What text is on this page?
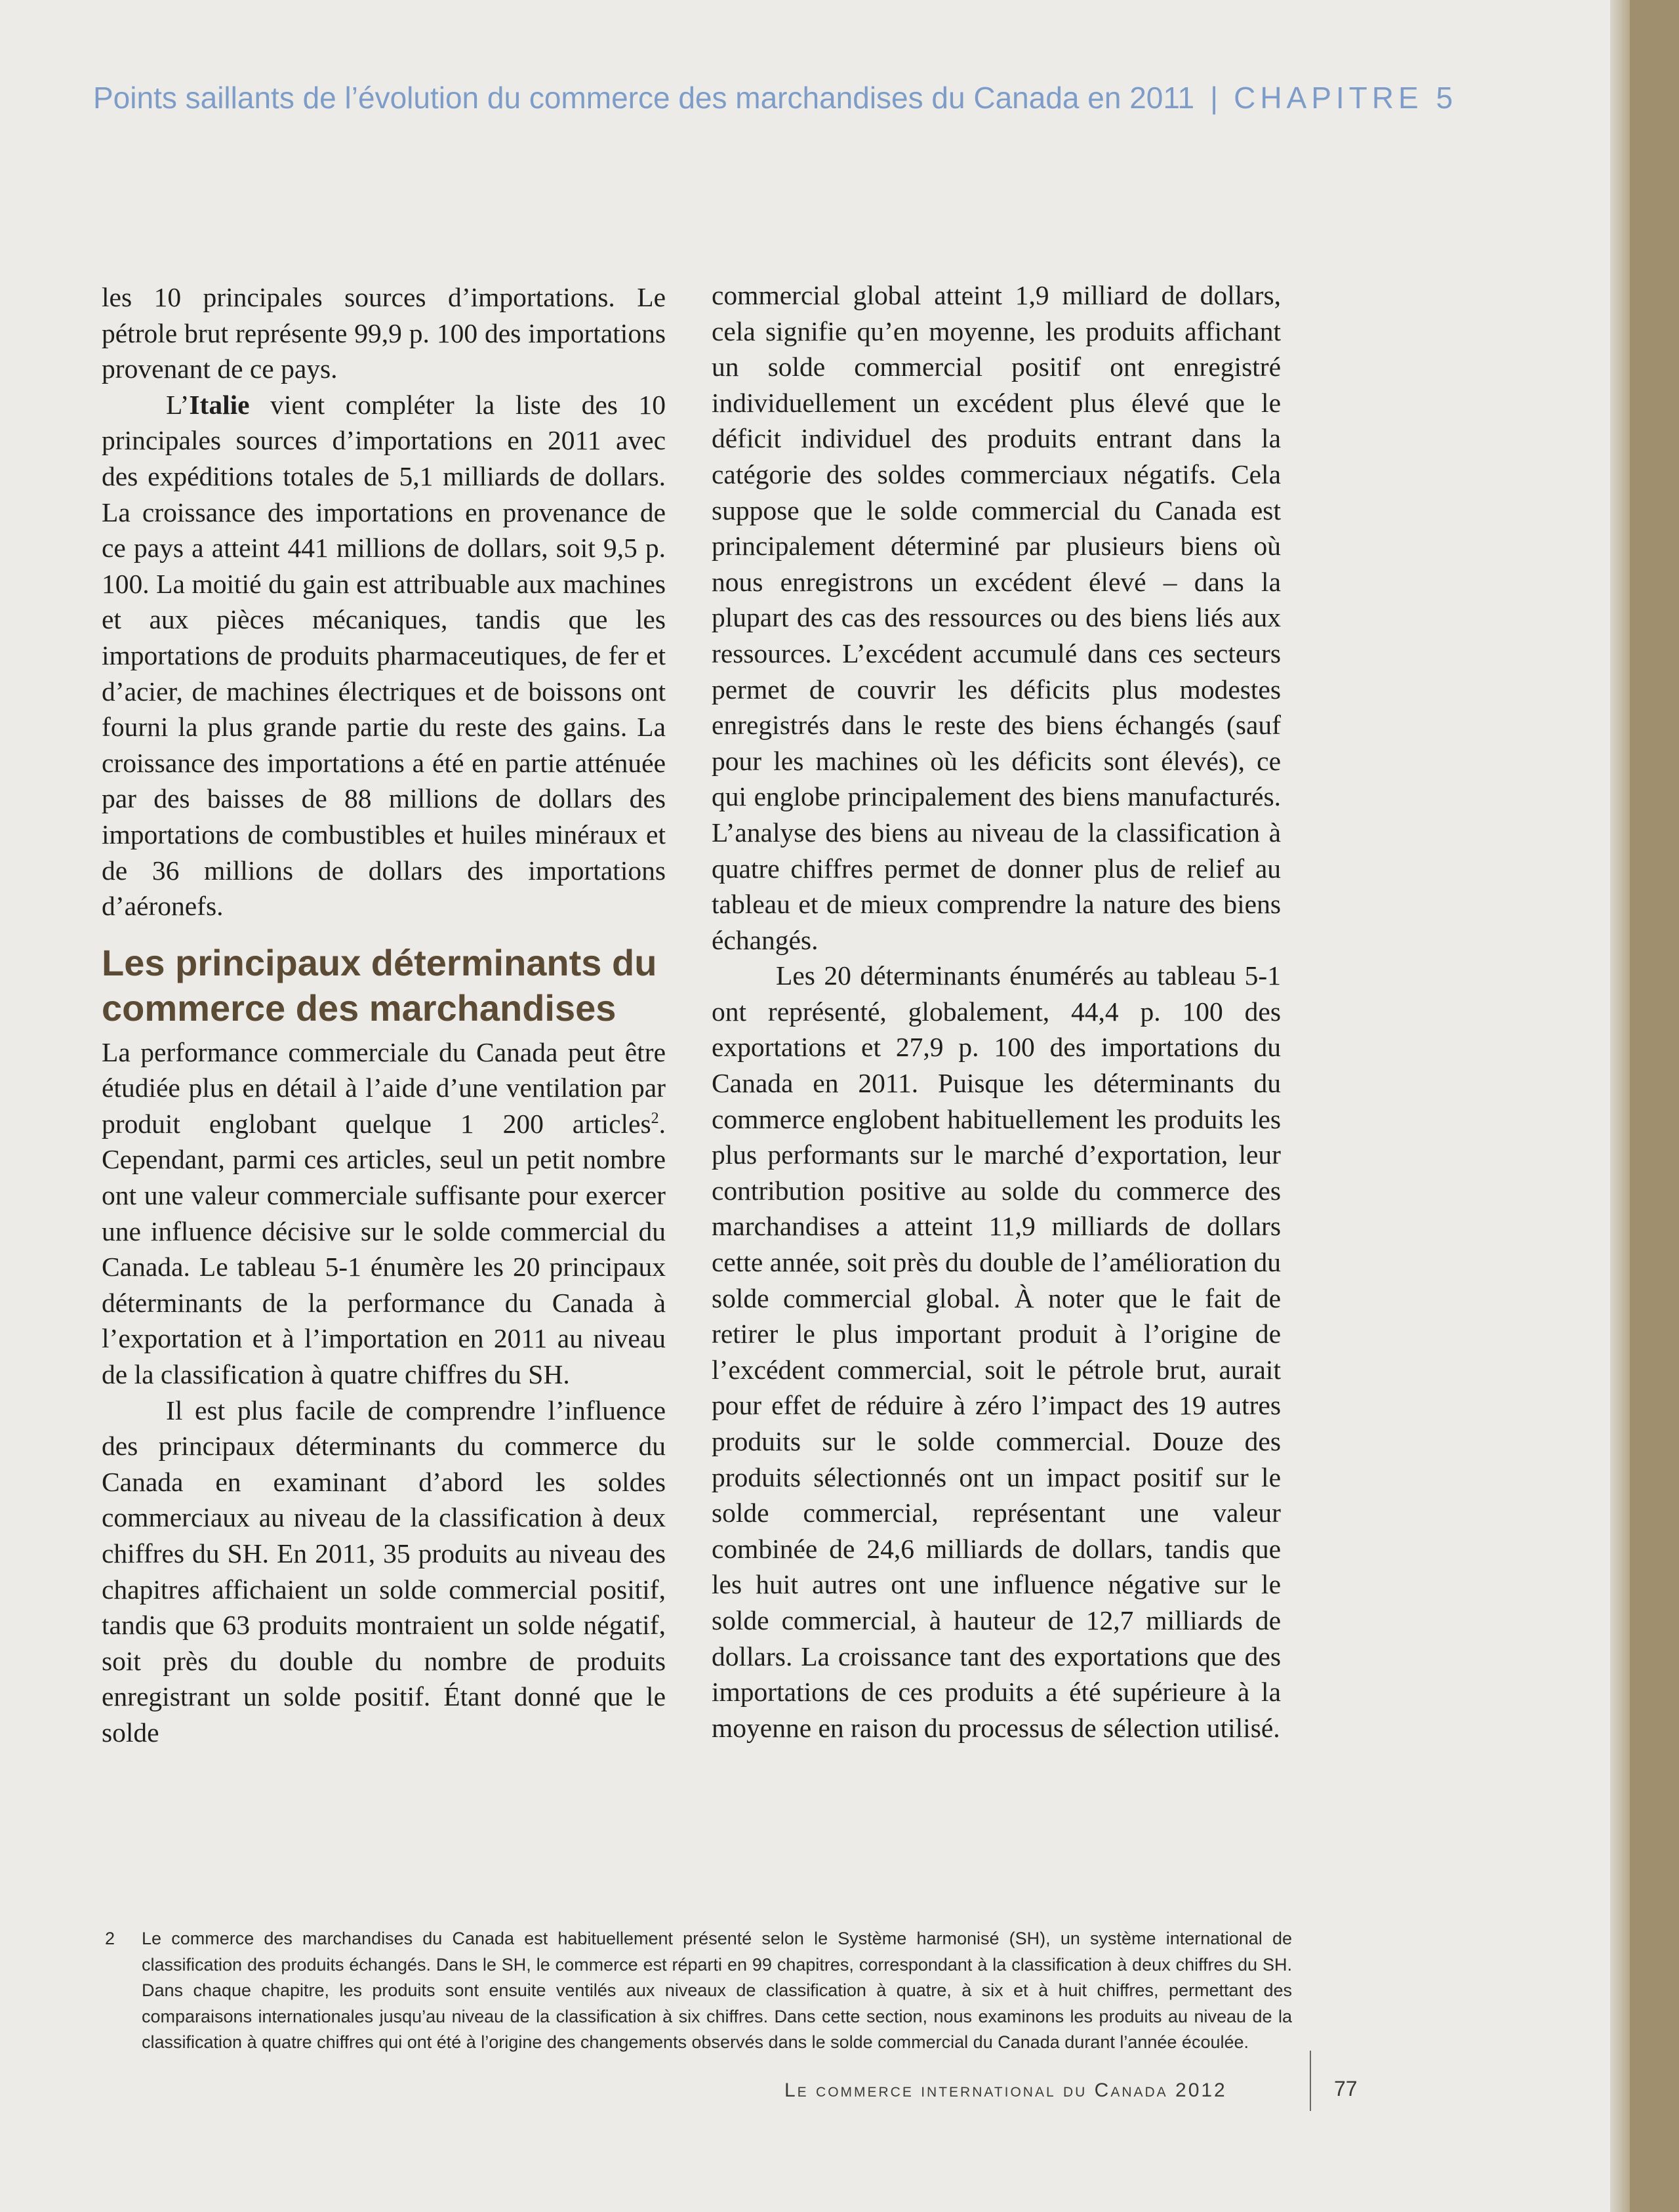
Points saillants de l’évolution du commerce des marchandises du Canada en 2011 | CHAPITRE 5

les 10 principales sources d’importations. Le pétrole brut représente 99,9 p. 100 des importations provenant de ce pays.

L’Italie vient compléter la liste des 10 principales sources d’importations en 2011 avec des expéditions totales de 5,1 milliards de dollars. La croissance des importations en provenance de ce pays a atteint 441 millions de dollars, soit 9,5 p. 100. La moitié du gain est attribuable aux machines et aux pièces mécaniques, tandis que les importations de produits pharmaceutiques, de fer et d’acier, de machines électriques et de boissons ont fourni la plus grande partie du reste des gains. La croissance des importations a été en partie atténuée par des baisses de 88 millions de dollars des importations de combustibles et huiles minéraux et de 36 millions de dollars des importations d’aéronefs.

Les principaux déterminants du commerce des marchandises

La performance commerciale du Canada peut être étudiée plus en détail à l’aide d’une ventilation par produit englobant quelque 1 200 articles$^2$. Cependant, parmi ces articles, seul un petit nombre ont une valeur commerciale suffisante pour exercer une influence décisive sur le solde commercial du Canada. Le tableau 5-1 énumère les 20 principaux déterminants de la performance du Canada à l’exportation et à l’importation en 2011 au niveau de la classification à quatre chiffres du SH.

Il est plus facile de comprendre l’influence des principaux déterminants du commerce du Canada en examinant d’abord les soldes commerciaux au niveau de la classification à deux chiffres du SH. En 2011, 35 produits au niveau des chapitres affichaient un solde commercial positif, tandis que 63 produits montraient un solde négatif, soit près du double du nombre de produits enregistrant un solde positif. Étant donné que le solde

commercial global atteint 1,9 milliard de dollars, cela signifie qu’en moyenne, les produits affichant un solde commercial positif ont enregistré individuellement un excédent plus élevé que le déficit individuel des produits entrant dans la catégorie des soldes commerciaux négatifs. Cela suppose que le solde commercial du Canada est principalement déterminé par plusieurs biens où nous enregistrons un excédent élevé – dans la plupart des cas des ressources ou des biens liés aux ressources. L’excédent accumulé dans ces secteurs permet de couvrir les déficits plus modestes enregistrés dans le reste des biens échangés (sauf pour les machines où les déficits sont élevés), ce qui englobe principalement des biens manufacturés. L’analyse des biens au niveau de la classification à quatre chiffres permet de donner plus de relief au tableau et de mieux comprendre la nature des biens échangés.

Les 20 déterminants énumérés au tableau 5-1 ont représenté, globalement, 44,4 p. 100 des exportations et 27,9 p. 100 des importations du Canada en 2011. Puisque les déterminants du commerce englobent habituellement les produits les plus performants sur le marché d’exportation, leur contribution positive au solde du commerce des marchandises a atteint 11,9 milliards de dollars cette année, soit près du double de l’amélioration du solde commercial global. À noter que le fait de retirer le plus important produit à l’origine de l’excédent commercial, soit le pétrole brut, aurait pour effet de réduire à zéro l’impact des 19 autres produits sur le solde commercial. Douze des produits sélectionnés ont un impact positif sur le solde commercial, représentant une valeur combinée de 24,6 milliards de dollars, tandis que les huit autres ont une influence négative sur le solde commercial, à hauteur de 12,7 milliards de dollars. La croissance tant des exportations que des importations de ces produits a été supérieure à la moyenne en raison du processus de sélection utilisé.

2 Le commerce des marchandises du Canada est habituellement présenté selon le Système harmonisé (SH), un système international de classification des produits échangés. Dans le SH, le commerce est réparti en 99 chapitres, correspondant à la classification à deux chiffres du SH. Dans chaque chapitre, les produits sont ensuite ventilés aux niveaux de classification à quatre, à six et à huit chiffres, permettant des comparaisons internationales jusqu’au niveau de la classification à six chiffres. Dans cette section, nous examinons les produits au niveau de la classification à quatre chiffres qui ont été à l’origine des changements observés dans le solde commercial du Canada durant l’année écoulée.
Le commerce international du Canada 2012	77
